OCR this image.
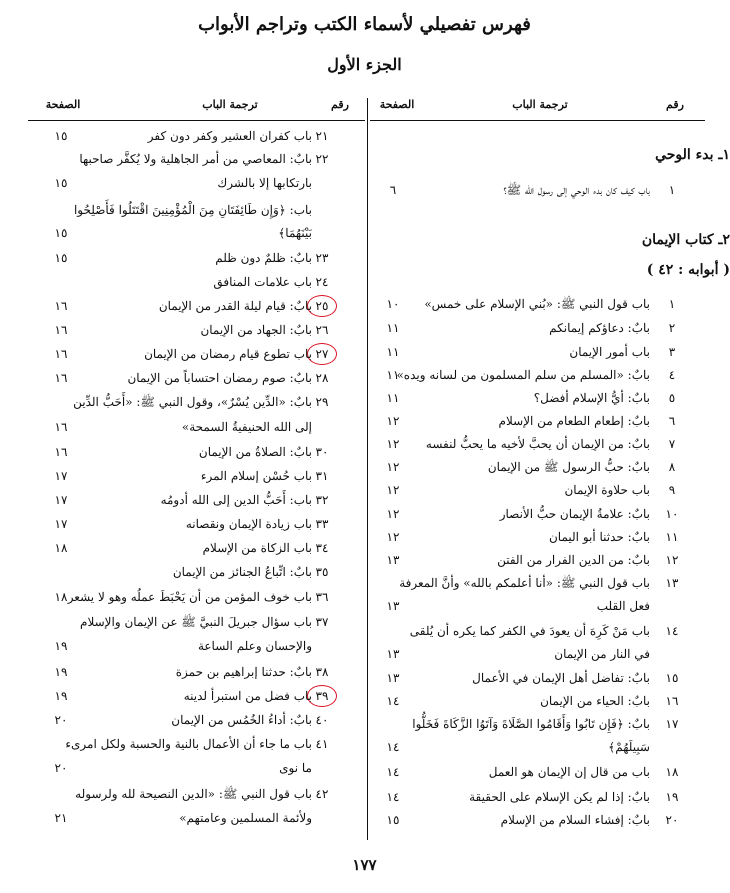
فهرس تفصيلي لأسماء الكتب وتراجم الأبواب
الجزء الأول
رقم
ترجمة الباب
الصفحة
رقم
ترجمة الباب
الصفحة
١ـ بدء الوحي
١
باب كيف كان بدء الوحي إلى رسول الله ﷺ؟
٦
٢ـ كتاب الإيمان
( أبوابه : ٤٢ )
١
باب قول النبي ﷺ: «بُني الإسلام على خمس»
١٠
٢
بابٌ: دعاؤكم إيمانكم
١١
٣
باب أمور الإيمان
١١
٤
بابٌ: «المسلم من سلم المسلمون من لسانه ويده»
١١
٥
بابٌ: أيُّ الإسلام أفضل؟
١١
٦
بابٌ: إطعام الطعام من الإسلام
١٢
٧
بابٌ: من الإيمان أن يحبَّ لأخيه ما يحبُّ لنفسه
١٢
٨
بابٌ: حبُّ الرسول ﷺ من الإيمان
١٢
٩
باب حلاوة الإيمان
١٢
١٠
بابٌ: علامةُ الإيمان حبُّ الأنصار
١٢
١١
بابٌ: حدثنا أبو اليمان
١٢
١٢
بابٌ: من الدين الفرار من الفتن
١٣
١٣
باب قول النبي ﷺ: «أنا أعلمكم بالله» وأنَّ المعرفة
فعل القلب
١٣
١٤
باب مَنْ كَرِهَ أن يعودَ في الكفر كما يكره أن يُلقى
في النار من الإيمان
١٣
١٥
بابٌ: تفاضل أهل الإيمان في الأعمال
١٣
١٦
بابٌ: الحياء من الإيمان
١٤
١٧
بابٌ: ﴿فَإِن تَابُوا وَأَقَامُوا الصَّلَاةَ وَآتَوُا الزَّكَاةَ فَخَلُّوا
سَبِيلَهُمْ﴾
١٤
١٨
باب من قال إن الإيمان هو العمل
١٤
١٩
بابٌ: إذا لم يكن الإسلام على الحقيقة
١٤
٢٠
بابٌ: إفشاء السلام من الإسلام
١٥
٢١
باب كفران العشير وكفر دون كفر
١٥
٢٢
بابٌ: المعاصي من أمر الجاهلية ولا يُكفَّر صاحبها
بارتكابها إلا بالشرك
١٥
باب: ﴿وَإِن طَائِفَتَانِ مِنَ الْمُؤْمِنِينَ اقْتَتَلُوا فَأَصْلِحُوا
بَيْنَهُمَا﴾
١٥
٢٣
بابٌ: ظلمٌ دون ظلم
١٥
٢٤
باب علامات المنافق
٢٥
بابٌ: قيام ليلة القدر من الإيمان
١٦
٢٦
بابٌ: الجهاد من الإيمان
١٦
٢٧
باب تطوع قيام رمضان من الإيمان
١٦
٢٨
بابٌ: صوم رمضان احتساباً من الإيمان
١٦
٢٩
بابٌ: «الدِّين يُسْرٌ»، وقول النبي ﷺ: «أَحَبُّ الدِّين
إلى الله الحنيفيةُ السمحة»
١٦
٣٠
بابٌ: الصلاةُ من الإيمان
١٦
٣١
باب حُسْن إسلام المرء
١٧
٣٢
باب: أَحَبُّ الدين إلى الله أدومُه
١٧
٣٣
باب زيادة الإيمان ونقصانه
١٧
٣٤
باب الزكاة من الإسلام
١٨
٣٥
بابٌ: اتِّباعُ الجنائز من الإيمان
٣٦
باب خوف المؤمن من أن يَحْبَطَ عملُه وهو لا يشعر
١٨
٣٧
باب سؤال جبريلَ النبيَّ ﷺ عن الإيمان والإسلام
والإحسان وعلم الساعة
١٩
٣٨
بابٌ: حدثنا إبراهيم بن حمزة
١٩
٣٩
باب فضل من استبرأ لدينه
١٩
٤٠
بابٌ: أداءُ الخُمُس من الإيمان
٢٠
٤١
باب ما جاء أن الأعمال بالنية والحسبة ولكل امرىء
ما نوى
٢٠
٤٢
باب قول النبي ﷺ: «الدين النصيحة لله ولرسوله
ولأئمة المسلمين وعامتهم»
٢١
١٧٧
